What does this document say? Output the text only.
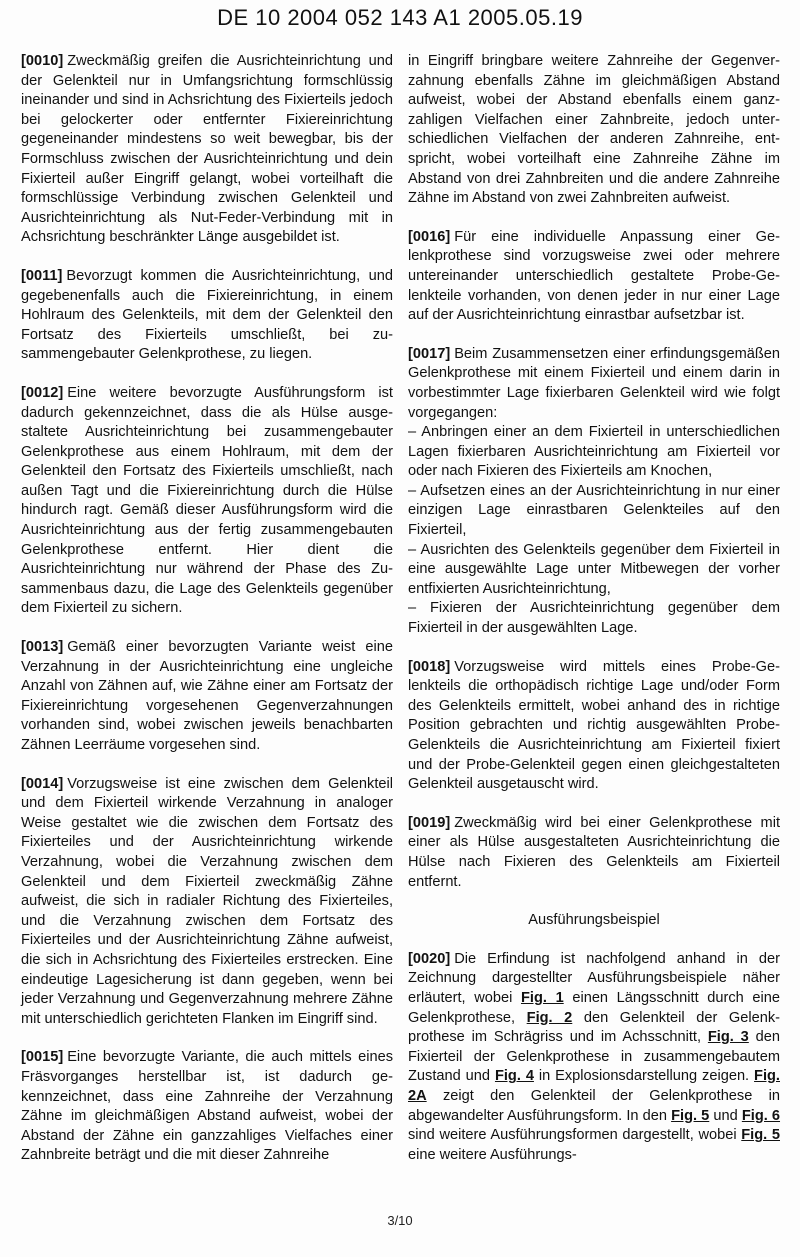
DE 10 2004 052 143 A1 2005.05.19

[0010] Zweckmäßig greifen die Ausrichteinrichtung und der Gelenkteil nur in Umfangsrichtung formschlüssig ineinander und sind in Achsrichtung des Fixierteils jedoch bei gelockerter oder entfernter Fixiereinrichtung gegeneinander mindestens so weit bewegbar, bis der Formschluss zwischen der Ausrichteinrichtung und dein Fixierteil außer Eingriff gelangt, wobei vorteilhaft die formschlüssige Verbindung zwischen Gelenkteil und Ausrichteinrichtung als Nut-Feder-Verbindung mit in Achsrichtung beschränkter Länge ausgebildet ist.

[0011] Bevorzugt kommen die Ausrichteinrichtung, und gegebenenfalls auch die Fixiereinrichtung, in einem Hohlraum des Gelenkteils, mit dem der Gelenkteil den Fortsatz des Fixierteils umschließt, bei zusammengebauter Gelenkprothese, zu liegen.

[0012] Eine weitere bevorzugte Ausführungsform ist dadurch gekennzeichnet, dass die als Hülse ausgestaltete Ausrichteinrichtung bei zusammengebauter Gelenkprothese aus einem Hohlraum, mit dem der Gelenkteil den Fortsatz des Fixierteils umschließt, nach außen Tagt und die Fixiereinrichtung durch die Hülse hindurch ragt. Gemäß dieser Ausführungsform wird die Ausrichteinrichtung aus der fertig zusammengebauten Gelenkprothese entfernt. Hier dient die Ausrichteinrichtung nur während der Phase des Zusammenbaus dazu, die Lage des Gelenkteils gegenüber dem Fixierteil zu sichern.

[0013] Gemäß einer bevorzugten Variante weist eine Verzahnung in der Ausrichteinrichtung eine ungleiche Anzahl von Zähnen auf, wie Zähne einer am Fortsatz der Fixiereinrichtung vorgesehenen Gegenverzahnungen vorhanden sind, wobei zwischen jeweils benachbarten Zähnen Leerräume vorgesehen sind.

[0014] Vorzugsweise ist eine zwischen dem Gelenkteil und dem Fixierteil wirkende Verzahnung in analoger Weise gestaltet wie die zwischen dem Fortsatz des Fixierteiles und der Ausrichteinrichtung wirkende Verzahnung, wobei die Verzahnung zwischen dem Gelenkteil und dem Fixierteil zweckmäßig Zähne aufweist, die sich in radialer Richtung des Fixierteiles, und die Verzahnung zwischen dem Fortsatz des Fixierteiles und der Ausrichteinrichtung Zähne aufweist, die sich in Achsrichtung des Fixierteiles erstrecken. Eine eindeutige Lagesicherung ist dann gegeben, wenn bei jeder Verzahnung und Gegenverzahnung mehrere Zähne mit unterschiedlich gerichteten Flanken im Eingriff sind.

[0015] Eine bevorzugte Variante, die auch mittels eines Fräsvorganges herstellbar ist, ist dadurch gekennzeichnet, dass eine Zahnreihe der Verzahnung Zähne im gleichmäßigen Abstand aufweist, wobei der Abstand der Zähne ein ganzzahliges Vielfaches einer Zahnbreite beträgt und die mit dieser Zahnreihe

in Eingriff bringbare weitere Zahnreihe der Gegenverzahnung ebenfalls Zähne im gleichmäßigen Abstand aufweist, wobei der Abstand ebenfalls einem ganzzahligen Vielfachen einer Zahnbreite, jedoch unterschiedlichen Vielfachen der anderen Zahnreihe, entspricht, wobei vorteilhaft eine Zahnreihe Zähne im Abstand von drei Zahnbreiten und die andere Zahnreihe Zähne im Abstand von zwei Zahnbreiten aufweist.

[0016] Für eine individuelle Anpassung einer Gelenkprothese sind vorzugsweise zwei oder mehrere untereinander unterschiedlich gestaltete Probe-Gelenkteile vorhanden, von denen jeder in nur einer Lage auf der Ausrichteinrichtung einrastbar aufsetzbar ist.

[0017] Beim Zusammensetzen einer erfindungsgemäßen Gelenkprothese mit einem Fixierteil und einem darin in vorbestimmter Lage fixierbaren Gelenkteil wird wie folgt vorgegangen:

– Anbringen einer an dem Fixierteil in unterschiedlichen Lagen fixierbaren Ausrichteinrichtung am Fixierteil vor oder nach Fixieren des Fixierteils am Knochen,
– Aufsetzen eines an der Ausrichteinrichtung in nur einer einzigen Lage einrastbaren Gelenkteiles auf den Fixierteil,
– Ausrichten des Gelenkteils gegenüber dem Fixierteil in eine ausgewählte Lage unter Mitbewegen der vorher entfixierten Ausrichteinrichtung,
– Fixieren der Ausrichteinrichtung gegenüber dem Fixierteil in der ausgewählten Lage.

[0018] Vorzugsweise wird mittels eines Probe-Gelenkteils die orthopädisch richtige Lage und/oder Form des Gelenkteils ermittelt, wobei anhand des in richtige Position gebrachten und richtig ausgewählten Probe-Gelenkteils die Ausrichteinrichtung am Fixierteil fixiert und der Probe-Gelenkteil gegen einen gleichgestalteten Gelenkteil ausgetauscht wird.

[0019] Zweckmäßig wird bei einer Gelenkprothese mit einer als Hülse ausgestalteten Ausrichteinrichtung die Hülse nach Fixieren des Gelenkteils am Fixierteil entfernt.

Ausführungsbeispiel

[0020] Die Erfindung ist nachfolgend anhand in der Zeichnung dargestellter Ausführungsbeispiele näher erläutert, wobei Fig. 1 einen Längsschnitt durch eine Gelenkprothese, Fig. 2 den Gelenkteil der Gelenkprothese im Schrägriss und im Achsschnitt, Fig. 3 den Fixierteil der Gelenkprothese in zusammengebautem Zustand und Fig. 4 in Explosionsdarstellung zeigen. Fig. 2A zeigt den Gelenkteil der Gelenkprothese in abgewandelter Ausführungsform. In den Fig. 5 und Fig. 6 sind weitere Ausführungsformen dargestellt, wobei Fig. 5 eine weitere Ausführungs-

3/10
